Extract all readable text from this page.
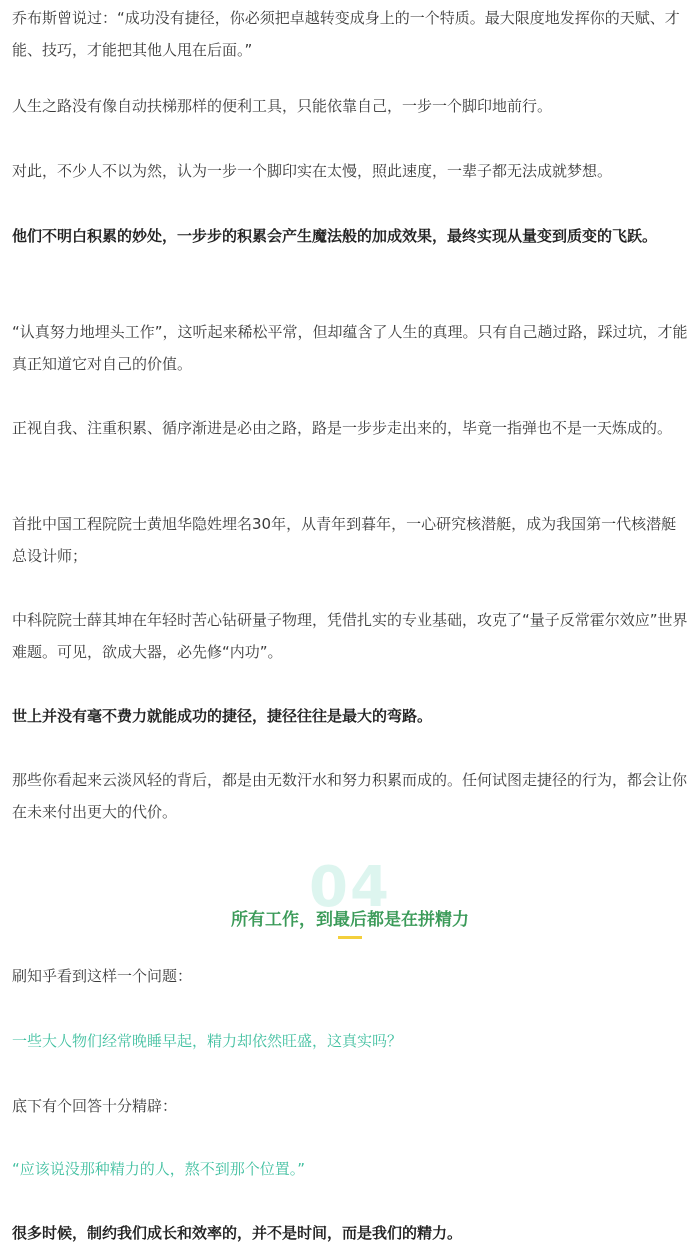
乔布斯曾说过：“成功没有捷径，你必须把卓越转变成身上的一个特质。最大限度地发挥你的天赋、才能、技巧，才能把其他人甩在后面。”

人生之路没有像自动扶梯那样的便利工具，只能依靠自己，一步一个脚印地前行。

对此，不少人不以为然，认为一步一个脚印实在太慢，照此速度，一辈子都无法成就梦想。

他们不明白积累的妙处，一步步的积累会产生魔法般的加成效果，最终实现从量变到质变的飞跃。

“认真努力地埋头工作”，这听起来稀松平常，但却蕴含了人生的真理。只有自己趟过路，踩过坑，才能真正知道它对自己的价值。

正视自我、注重积累、循序渐进是必由之路，路是一步步走出来的，毕竟一指弹也不是一天炼成的。

首批中国工程院院士黄旭华隐姓埋名30年，从青年到暮年，一心研究核潜艇，成为我国第一代核潜艇总设计师；

中科院院士薛其坤在年轻时苦心钻研量子物理，凭借扎实的专业基础，攻克了“量子反常霍尔效应”世界难题。可见，欲成大器，必先修“内功”。

世上并没有毫不费力就能成功的捷径，捷径往往是最大的弯路。

那些你看起来云淡风轻的背后，都是由无数汗水和努力积累而成的。任何试图走捷径的行为，都会让你在未来付出更大的代价。

04
所有工作，到最后都是在拼精力

刷知乎看到这样一个问题：

一些大人物们经常晚睡早起，精力却依然旺盛，这真实吗？

底下有个回答十分精辟：

“应该说没那种精力的人，熬不到那个位置。”

很多时候，制约我们成长和效率的，并不是时间，而是我们的精力。
